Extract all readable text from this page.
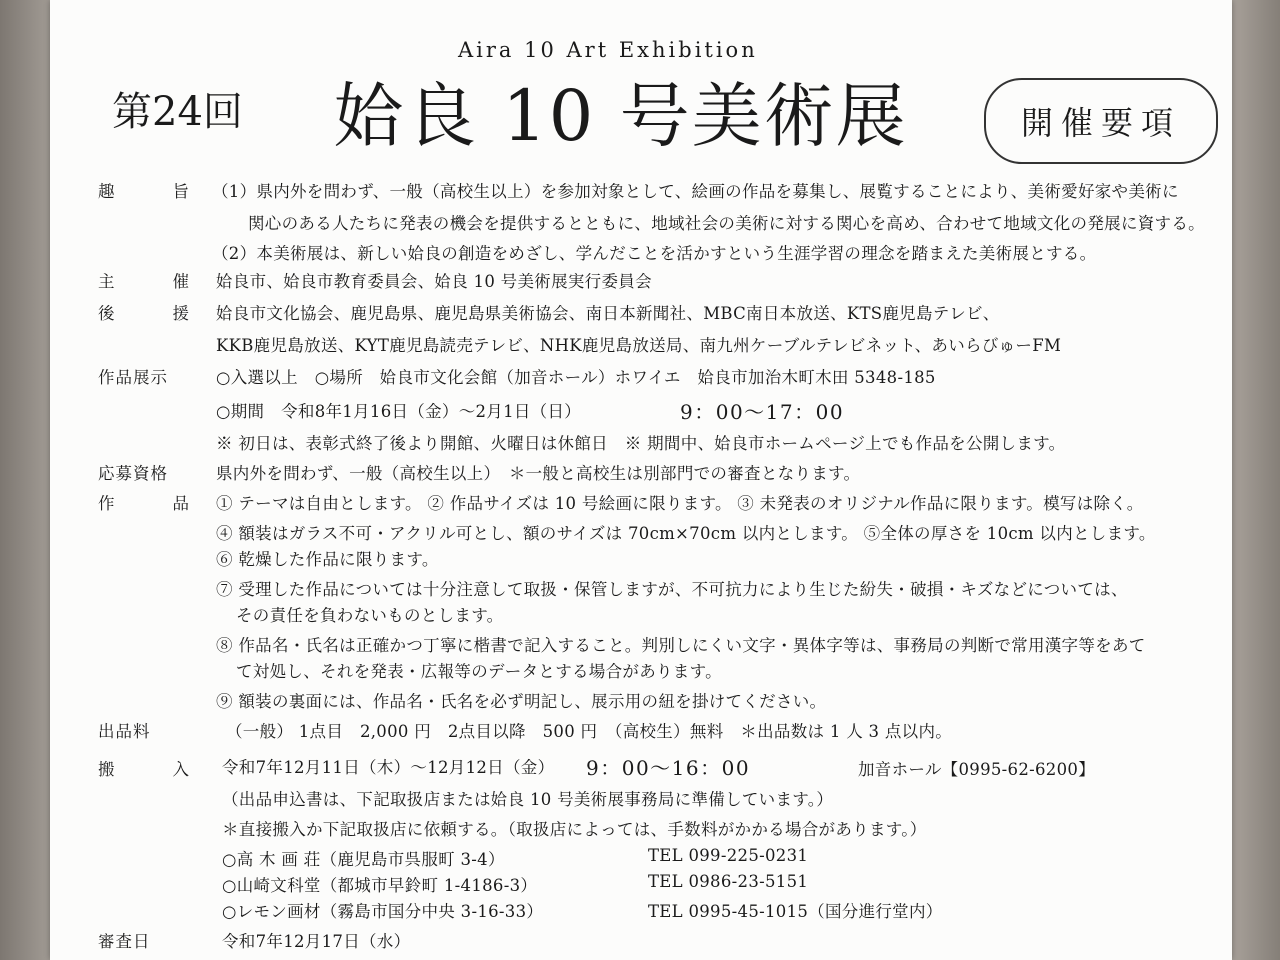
Aira 10 Art Exhibition
第24回 姶良 10 号美術展	開催要項
趣	旨 （1）県内外を問わず、一般（高校生以上）を参加対象として、絵画の作品を募集し、展覧することにより、美術愛好家や美術に
関心のある人たちに発表の機会を提供するとともに、地域社会の美術に対する関心を高め、合わせて地域文化の発展に資する。
（2）本美術展は、新しい姶良の創造をめざし、学んだことを活かすという生涯学習の理念を踏まえた美術展とする。
主	催 姶良市、姶良市教育委員会、姶良 10 号美術展実行委員会
後	援 姶良市文化協会、鹿児島県、鹿児島県美術協会、南日本新聞社、MBC南日本放送、KTS鹿児島テレビ、
KKB鹿児島放送、KYT鹿児島読売テレビ、NHK鹿児島放送局、南九州ケーブルテレビネット、あいらびゅーFM
作品展示	○入選以上　○場所　姶良市文化会館（加音ホール）ホワイエ　姶良市加治木町木田 5348-185
○期間　令和8年1月16日（金）～2月1日（日）	9：00～17：00
※ 初日は、表彰式終了後より開館、火曜日は休館日　※ 期間中、姶良市ホームページ上でも作品を公開します。
応募資格	県内外を問わず、一般（高校生以上）　＊一般と高校生は別部門での審査となります。
作	品 ① テーマは自由とします。 ② 作品サイズは 10 号絵画に限ります。 ③ 未発表のオリジナル作品に限ります。模写は除く。
④ 額装はガラス不可・アクリル可とし、額のサイズは 70cm×70cm 以内とします。 ⑤全体の厚さを 10cm 以内とします。
⑥ 乾燥した作品に限ります。
⑦ 受理した作品については十分注意して取扱・保管しますが、不可抗力により生じた紛失・破損・キズなどについては、
その責任を負わないものとします。
⑧ 作品名・氏名は正確かつ丁寧に楷書で記入すること。判別しにくい文字・異体字等は、事務局の判断で常用漢字等をあて
て対処し、それを発表・広報等のデータとする場合があります。
⑨ 額装の裏面には、作品名・氏名を必ず明記し、展示用の紐を掛けてください。
出品料	（一般） 1点目　2,000 円　2点目以降　500 円　（高校生）無料　＊出品数は 1 人 3 点以内。
搬	入 令和7年12月11日（木）～12月12日（金） 9：00～16：00	加音ホール【0995-62-6200】
（出品申込書は、下記取扱店または姶良 10 号美術展事務局に準備しています。）
＊直接搬入か下記取扱店に依頼する。（取扱店によっては、手数料がかかる場合があります。）
○高 木 画 荘（鹿児島市呉服町 3-4）	TEL 099-225-0231
○山崎文科堂（都城市早鈴町 1-4186-3）	TEL 0986-23-5151
○レモン画材（霧島市国分中央 3-16-33）	TEL 0995-45-1015（国分進行堂内）
審査日	令和7年12月17日（水）
